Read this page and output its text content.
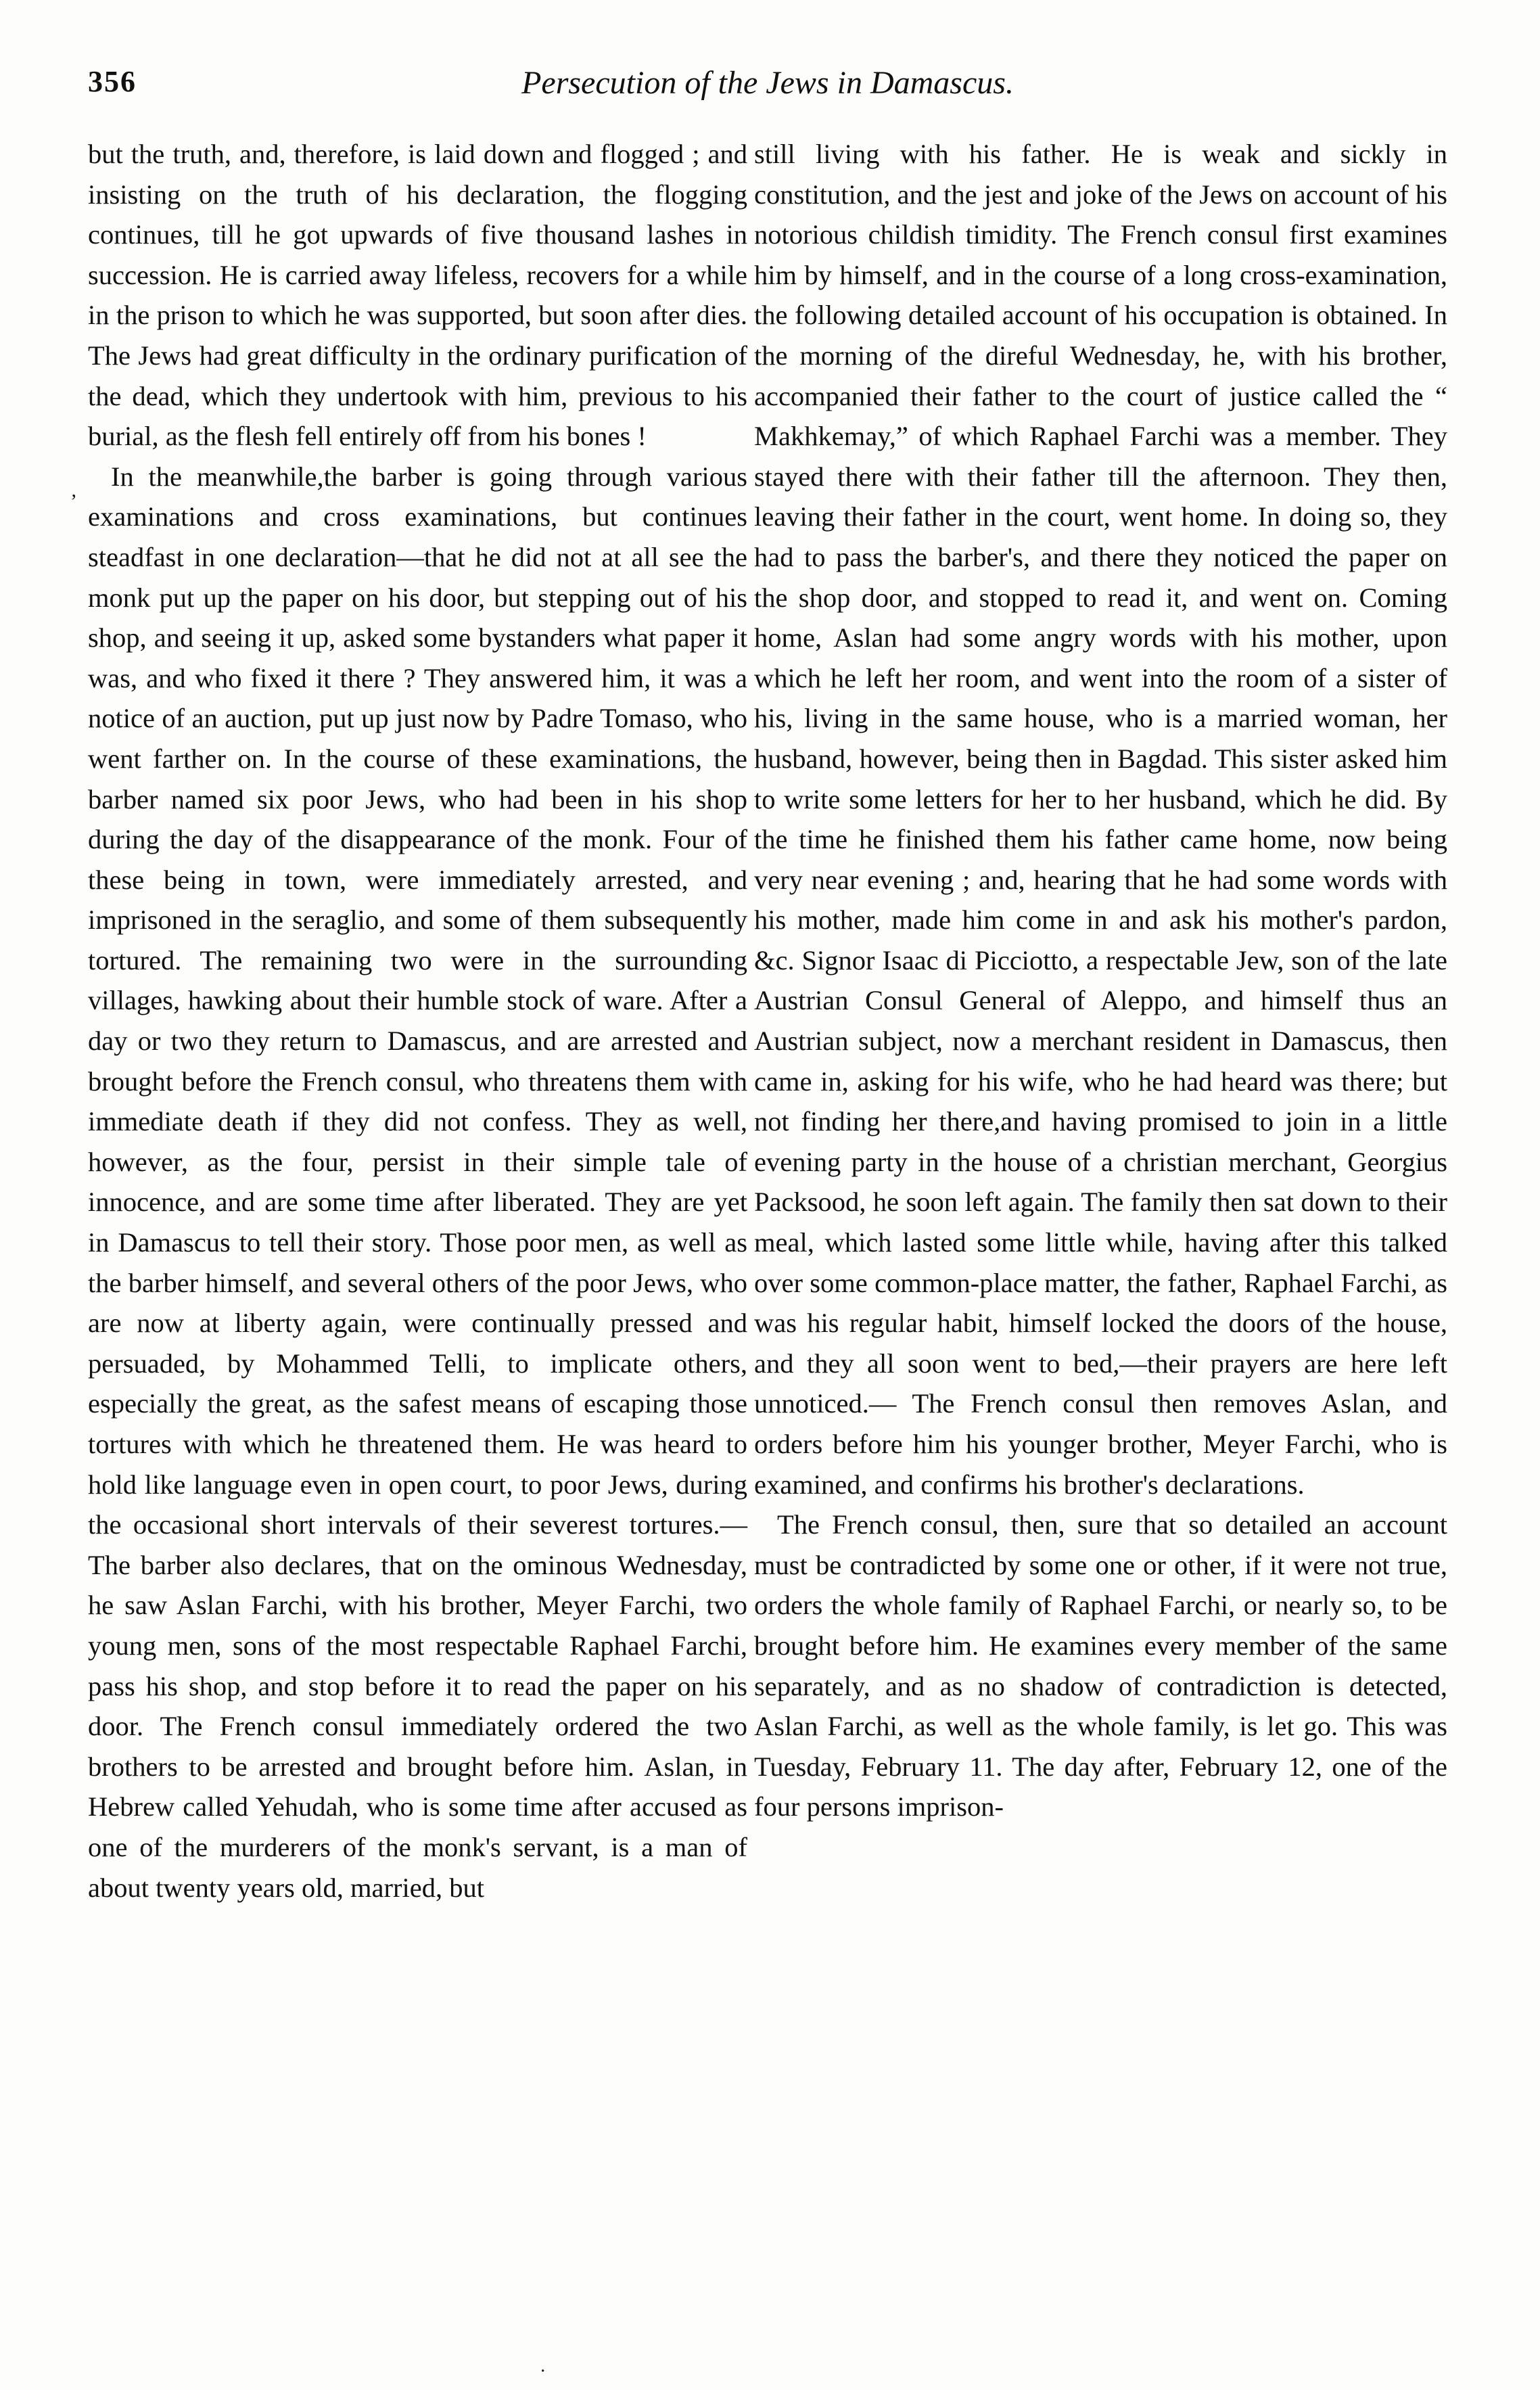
356	Persecution of the Jews in Damascus.

but the truth, and, therefore, is laid down and flogged ; and insisting on the truth of his declaration, the flogging continues, till he got upwards of five thousand lashes in succession. He is carried away lifeless, recovers for a while in the prison to which he was supported, but soon after dies. The Jews had great difficulty in the ordinary purification of the dead, which they undertook with him, previous to his burial, as the flesh fell entirely off from his bones !

In the meanwhile,the barber is going through various examinations and cross examinations, but continues steadfast in one declaration—that he did not at all see the monk put up the paper on his door, but stepping out of his shop, and seeing it up, asked some bystanders what paper it was, and who fixed it there ? They answered him, it was a notice of an auction, put up just now by Padre Tomaso, who went farther on. In the course of these examinations, the barber named six poor Jews, who had been in his shop during the day of the disappearance of the monk. Four of these being in town, were immediately arrested, and imprisoned in the seraglio, and some of them subsequently tortured. The remaining two were in the surrounding villages, hawking about their humble stock of ware. After a day or two they return to Damascus, and are arrested and brought before the French consul, who threatens them with immediate death if they did not confess. They as well, however, as the four, persist in their simple tale of innocence, and are some time after liberated. They are yet in Damascus to tell their story. Those poor men, as well as the barber himself, and several others of the poor Jews, who are now at liberty again, were continually pressed and persuaded, by Mohammed Telli, to implicate others, especially the great, as the safest means of escaping those tortures with which he threatened them. He was heard to hold like language even in open court, to poor Jews, during the occasional short intervals of their severest tortures.— The barber also declares, that on the ominous Wednesday, he saw Aslan Farchi, with his brother, Meyer Farchi, two young men, sons of the most respectable Raphael Farchi, pass his shop, and stop before it to read the paper on his door. The French consul immediately ordered the two brothers to be arrested and brought before him. Aslan, in Hebrew called Yehudah, who is some time after accused as one of the murderers of the monk's servant, is a man of about twenty years old, married, but

still living with his father. He is weak and sickly in constitution, and the jest and joke of the Jews on account of his notorious childish timidity. The French consul first examines him by himself, and in the course of a long cross-examination, the following detailed account of his occupation is obtained. In the morning of the direful Wednesday, he, with his brother, accompanied their father to the court of justice called the “ Makhkemay,” of which Raphael Farchi was a member. They stayed there with their father till the afternoon. They then, leaving their father in the court, went home. In doing so, they had to pass the barber's, and there they noticed the paper on the shop door, and stopped to read it, and went on. Coming home, Aslan had some angry words with his mother, upon which he left her room, and went into the room of a sister of his, living in the same house, who is a married woman, her husband, however, being then in Bagdad. This sister asked him to write some letters for her to her husband, which he did. By the time he finished them his father came home, now being very near evening ; and, hearing that he had some words with his mother, made him come in and ask his mother's pardon, &c. Signor Isaac di Picciotto, a respectable Jew, son of the late Austrian Consul General of Aleppo, and himself thus an Austrian subject, now a merchant resident in Damascus, then came in, asking for his wife, who he had heard was there; but not finding her there,and having promised to join in a little evening party in the house of a christian merchant, Georgius Packsood, he soon left again. The family then sat down to their meal, which lasted some little while, having after this talked over some common-place matter, the father, Raphael Farchi, as was his regular habit, himself locked the doors of the house, and they all soon went to bed,—their prayers are here left unnoticed.— The French consul then removes Aslan, and orders before him his younger brother, Meyer Farchi, who is examined, and confirms his brother's declarations.

The French consul, then, sure that so detailed an account must be contradicted by some one or other, if it were not true, orders the whole family of Raphael Farchi, or nearly so, to be brought before him. He examines every member of the same separately, and as no shadow of contradiction is detected, Aslan Farchi, as well as the whole family, is let go. This was Tuesday, February 11. The day after, February 12, one of the four persons imprison-

ʼ
·
